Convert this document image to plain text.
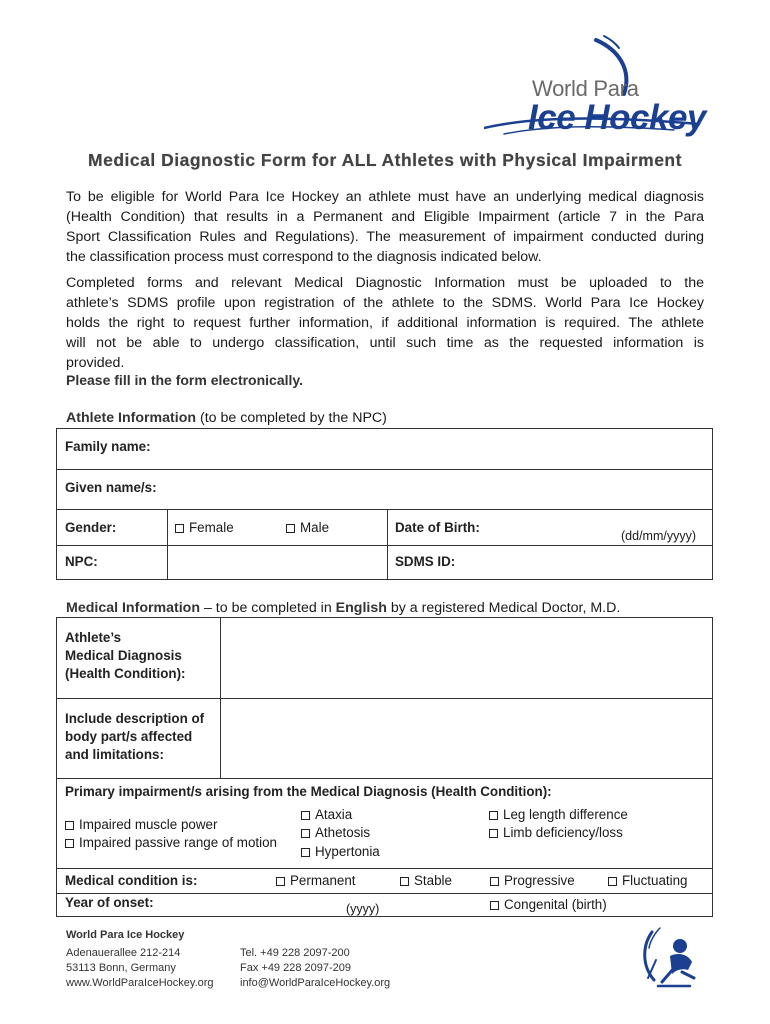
World Para
Ice Hockey
Medical Diagnostic Form for ALL Athletes with Physical Impairment
To be eligible for World Para Ice Hockey an athlete must have an underlying medical diagnosis
(Health Condition) that results in a Permanent and Eligible Impairment (article 7 in the Para
Sport Classification Rules and Regulations). The measurement of impairment conducted during
the classification process must correspond to the diagnosis indicated below.
Completed forms and relevant Medical Diagnostic Information must be uploaded to the
athlete’s SDMS profile upon registration of the athlete to the SDMS. World Para Ice Hockey
holds the right to request further information, if additional information is required. The athlete
will not be able to undergo classification, until such time as the requested information is
provided.
Please fill in the form electronically.
Athlete Information (to be completed by the NPC)
Family name:
Given name/s:
Gender:	Female	Male	Date of Birth:
(dd/mm/yyyy)
NPC:	SDMS ID:
Medical Information – to be completed in English by a registered Medical Doctor, M.D.
Athlete’s
Medical Diagnosis
(Health Condition):
Include description of
body part/s affected
and limitations:
Primary impairment/s arising from the Medical Diagnosis (Health Condition):
Impaired muscle power
Impaired passive range of motion
Ataxia
Athetosis
Hypertonia
Leg length difference
Limb deficiency/loss
Medical condition is:	Permanent	Stable	Progressive	Fluctuating
Year of onset:	(yyyy)	Congenital (birth)
World Para Ice Hockey
Adenauerallee 212-214
53113 Bonn, Germany
www.WorldParaIceHockey.org
Tel. +49 228 2097-200
Fax +49 228 2097-209
info@WorldParaIceHockey.org
